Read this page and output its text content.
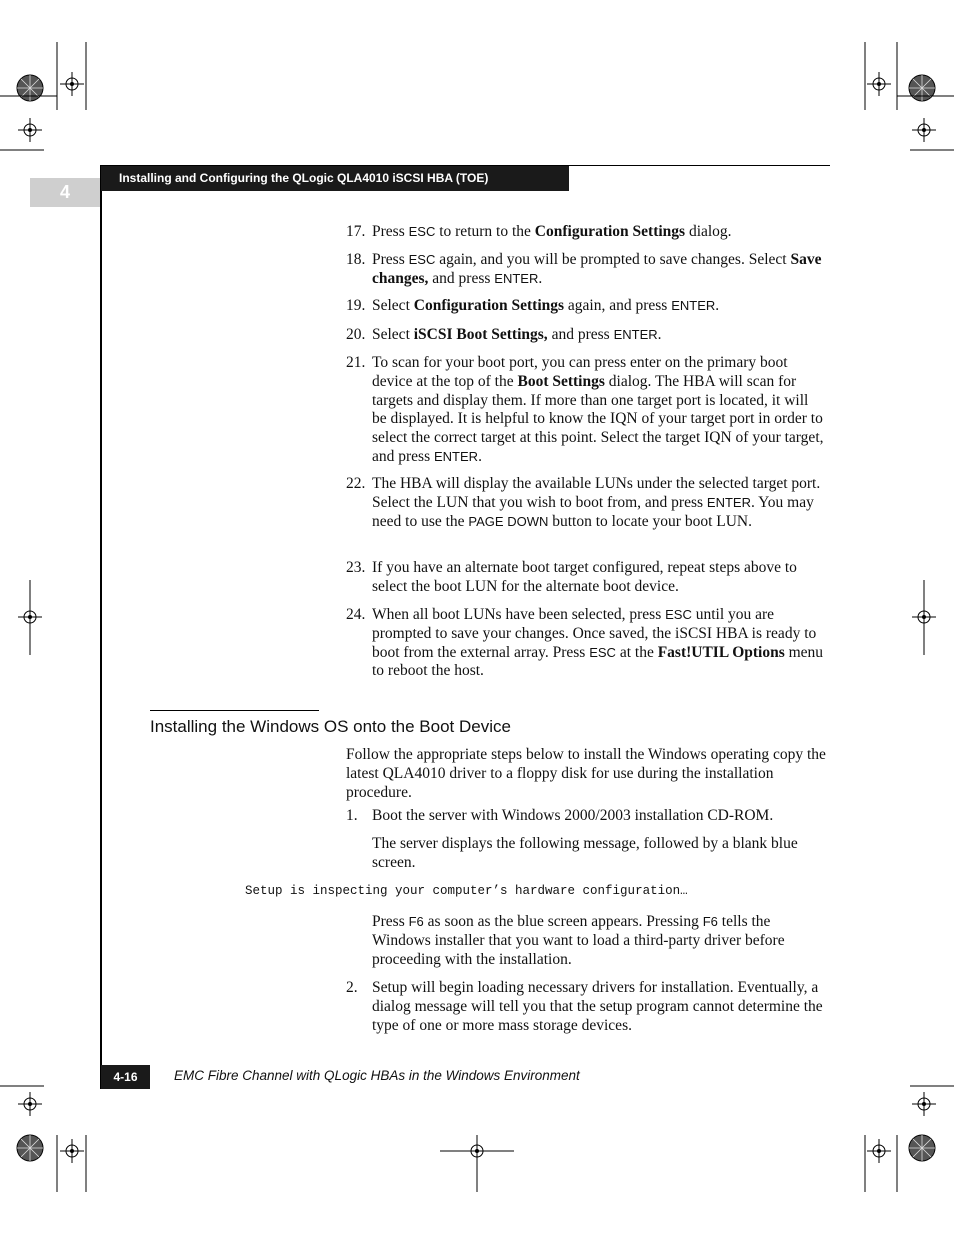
Installing and Configuring the QLogic QLA4010 iSCSI HBA (TOE)
4
17. Press ESC to return to the Configuration Settings dialog.
18. Press ESC again, and you will be prompted to save changes. Select Save changes, and press ENTER.
19. Select Configuration Settings again, and press ENTER.
20. Select iSCSI Boot Settings, and press ENTER.
21. To scan for your boot port, you can press enter on the primary boot device at the top of the Boot Settings dialog. The HBA will scan for targets and display them. If more than one target port is located, it will be displayed. It is helpful to know the IQN of your target port in order to select the correct target at this point. Select the target IQN of your target, and press ENTER.
22. The HBA will display the available LUNs under the selected target port. Select the LUN that you wish to boot from, and press ENTER. You may need to use the PAGE DOWN button to locate your boot LUN.
23. If you have an alternate boot target configured, repeat steps above to select the boot LUN for the alternate boot device.
24. When all boot LUNs have been selected, press ESC until you are prompted to save your changes. Once saved, the iSCSI HBA is ready to boot from the external array. Press ESC at the Fast!UTIL Options menu to reboot the host.
Installing the Windows OS onto the Boot Device
Follow the appropriate steps below to install the Windows operating copy the latest QLA4010 driver to a floppy disk for use during the installation procedure.
1. Boot the server with Windows 2000/2003 installation CD-ROM.
The server displays the following message, followed by a blank blue screen.
Setup is inspecting your computer’s hardware configuration…
Press F6 as soon as the blue screen appears. Pressing F6 tells the Windows installer that you want to load a third-party driver before proceeding with the installation.
2. Setup will begin loading necessary drivers for installation. Eventually, a dialog message will tell you that the setup program cannot determine the type of one or more mass storage devices.
4-16	EMC Fibre Channel with QLogic HBAs in the Windows Environment
